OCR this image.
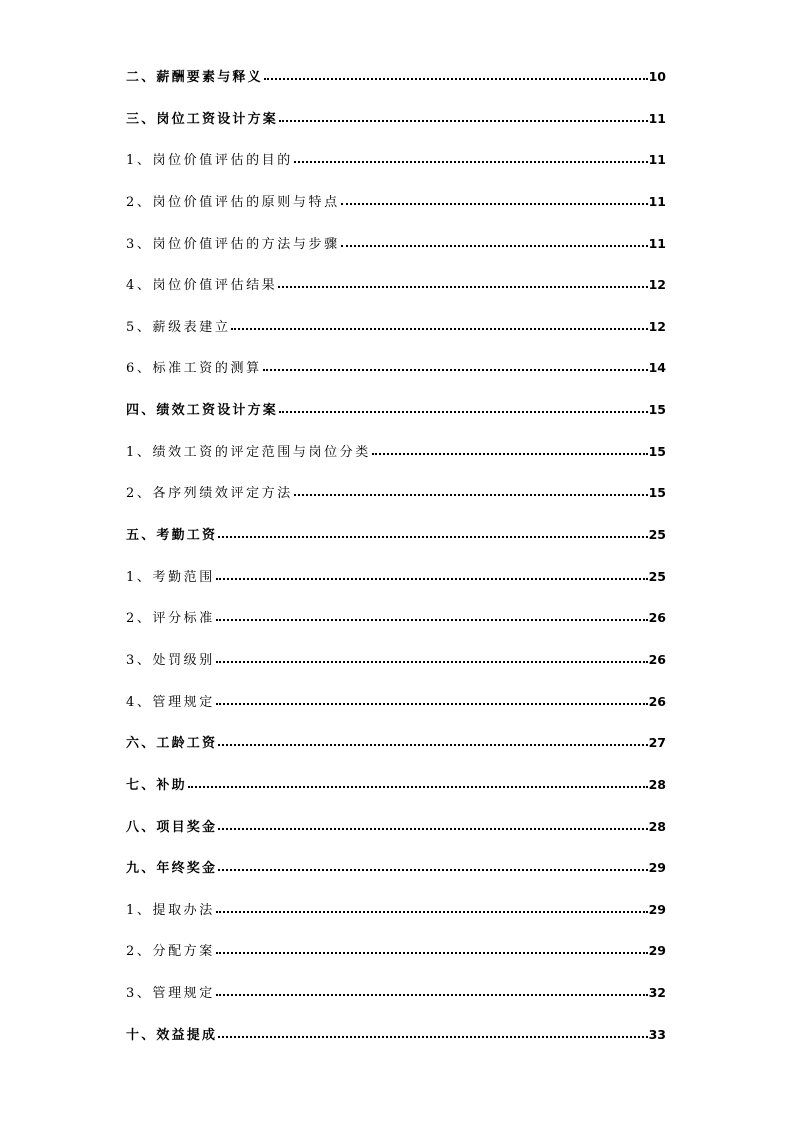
二、薪酬要素与释义	10
三、岗位工资设计方案	11
1、岗位价值评估的目的	11
2、岗位价值评估的原则与特点	11
3、岗位价值评估的方法与步骤	11
4、岗位价值评估结果	12
5、薪级表建立	12
6、标准工资的测算	14
四、绩效工资设计方案	15
1、绩效工资的评定范围与岗位分类	15
2、各序列绩效评定方法	15
五、考勤工资	25
1、考勤范围	25
2、评分标准	26
3、处罚级别	26
4、管理规定	26
六、工龄工资	27
七、补助	28
八、项目奖金	28
九、年终奖金	29
1、提取办法	29
2、分配方案	29
3、管理规定	32
十、效益提成	33
